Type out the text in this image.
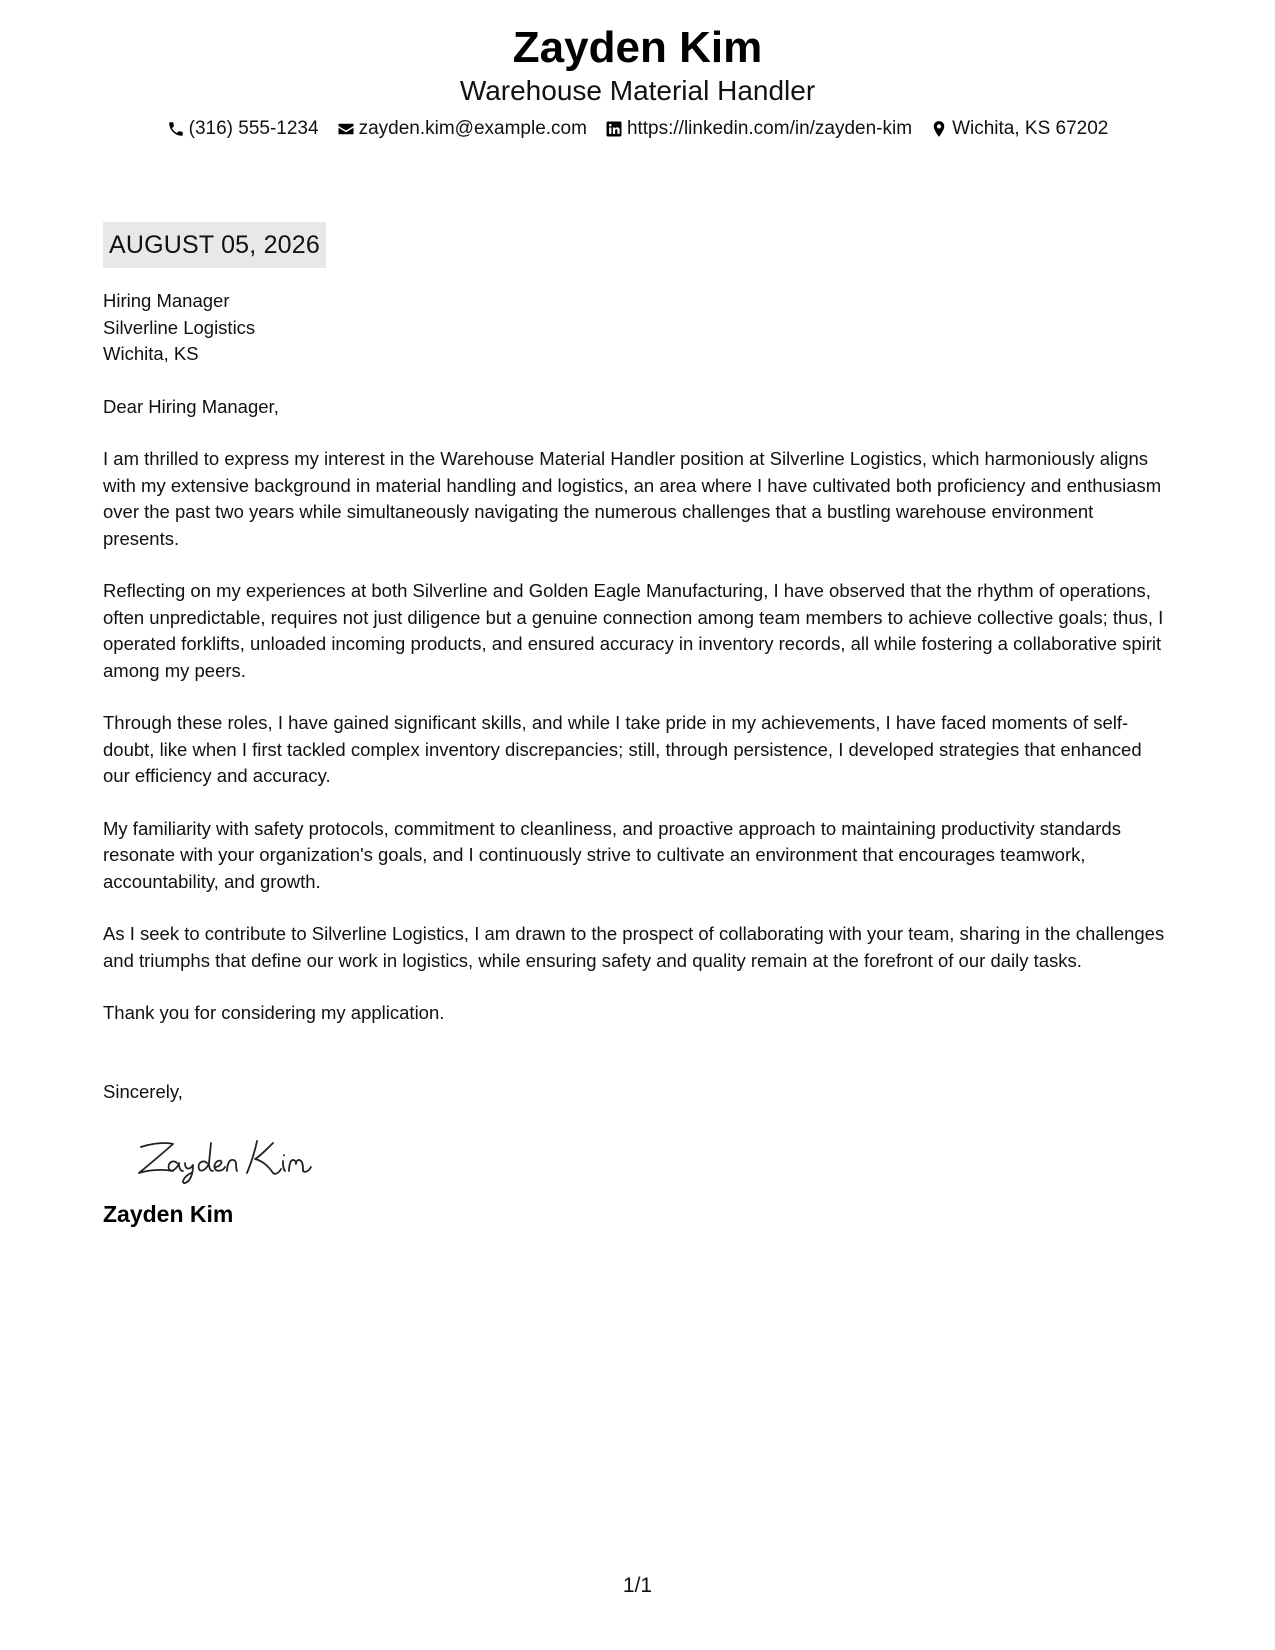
Zayden Kim
Warehouse Material Handler
(316) 555-1234 zayden.kim@example.com https://linkedin.com/in/zayden-kim Wichita, KS 67202
AUGUST 05, 2026
Hiring Manager
Silverline Logistics
Wichita, KS
Dear Hiring Manager,
I am thrilled to express my interest in the Warehouse Material Handler position at Silverline Logistics, which harmoniously aligns with my extensive background in material handling and logistics, an area where I have cultivated both proficiency and enthusiasm over the past two years while simultaneously navigating the numerous challenges that a bustling warehouse environment presents.
Reflecting on my experiences at both Silverline and Golden Eagle Manufacturing, I have observed that the rhythm of operations, often unpredictable, requires not just diligence but a genuine connection among team members to achieve collective goals; thus, I operated forklifts, unloaded incoming products, and ensured accuracy in inventory records, all while fostering a collaborative spirit among my peers.
Through these roles, I have gained significant skills, and while I take pride in my achievements, I have faced moments of self-doubt, like when I first tackled complex inventory discrepancies; still, through persistence, I developed strategies that enhanced our efficiency and accuracy.
My familiarity with safety protocols, commitment to cleanliness, and proactive approach to maintaining productivity standards resonate with your organization's goals, and I continuously strive to cultivate an environment that encourages teamwork, accountability, and growth.
As I seek to contribute to Silverline Logistics, I am drawn to the prospect of collaborating with your team, sharing in the challenges and triumphs that define our work in logistics, while ensuring safety and quality remain at the forefront of our daily tasks.
Thank you for considering my application.
Sincerely,
Zayden Kim
1/1
